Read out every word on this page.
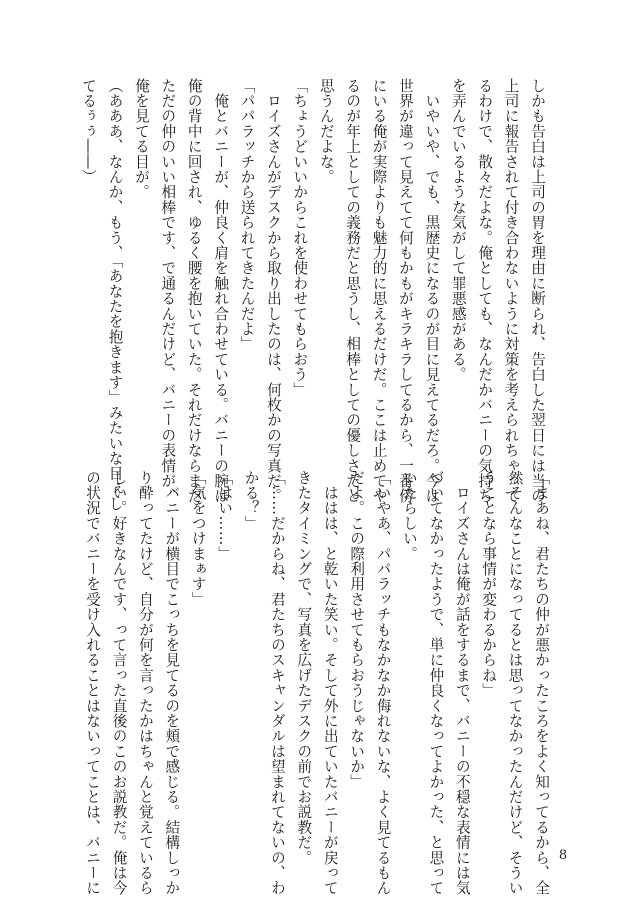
しかも告白は上司の胃を理由に断られ、告白した翌日には当の

上司に報告されて付き合わないように対策を考えられちゃって

るわけで、散々だよな。俺としても、なんだかバニーの気持ち

を弄んでいるような気がして罪悪感がある。

　いやいや、でも、黒歴史になるのが目に見えてるだろ。今は

世界が違って見えてて何もかもがキラキラしてるから、一番傍

にいる俺が実際よりも魅力的に思えるだけだ。ここは止めてや

るのが年上としての義務だと思うし、相棒としての優しさだと

思うんだよな。

「ちょうどいいからこれを使わせてもらおう」

　ロイズさんがデスクから取り出したのは、何枚かの写真だ。

「パパラッチから送られてきたんだよ」

　俺とバニーが、仲良く肩を触れ合わせている。バニーの腕は

俺の背中に回され、ゆるく腰を抱いていた。それだけならまだ

ただの仲のいい相棒です、で通るんだけど、バニーの表情が、

俺を見てる目が。

（あああ、なんか、もう、「あなたを抱きます」みたいな目ぇし

てるぅぅ――）

「まあね、君たちの仲が悪かったころをよく知ってるから、全

然そんなことになってるとは思ってなかったんだけど、そうい

うことなら事情が変わるからね」

　ロイズさんは俺が話をするまで、バニーの不穏な表情には気

づいてなかったようで、単に仲良くなってよかった、と思って

いたらしい。

「いやあ、パパラッチもなかなか侮れないな、よく見てるもん

だよ。この際利用させてもらおうじゃないか」

　ははは、と乾いた笑い。そして外に出ていたバニーが戻って

きたタイミングで、写真を広げたデスクの前でお説教だ。

「……だからね、君たちのスキャンダルは望まれてないの、わ

かる？」

「はい……」

「気をつけまぁす」

　バニーが横目でこっちを見てるのを頬で感じる。結構しっか

り酔ってたけど、自分が何を言ったかはちゃんと覚えているら

しい。好きなんです、って言った直後のこのお説教だ。俺は今

の状況でバニーを受け入れることはないってことは、バニーに	8
